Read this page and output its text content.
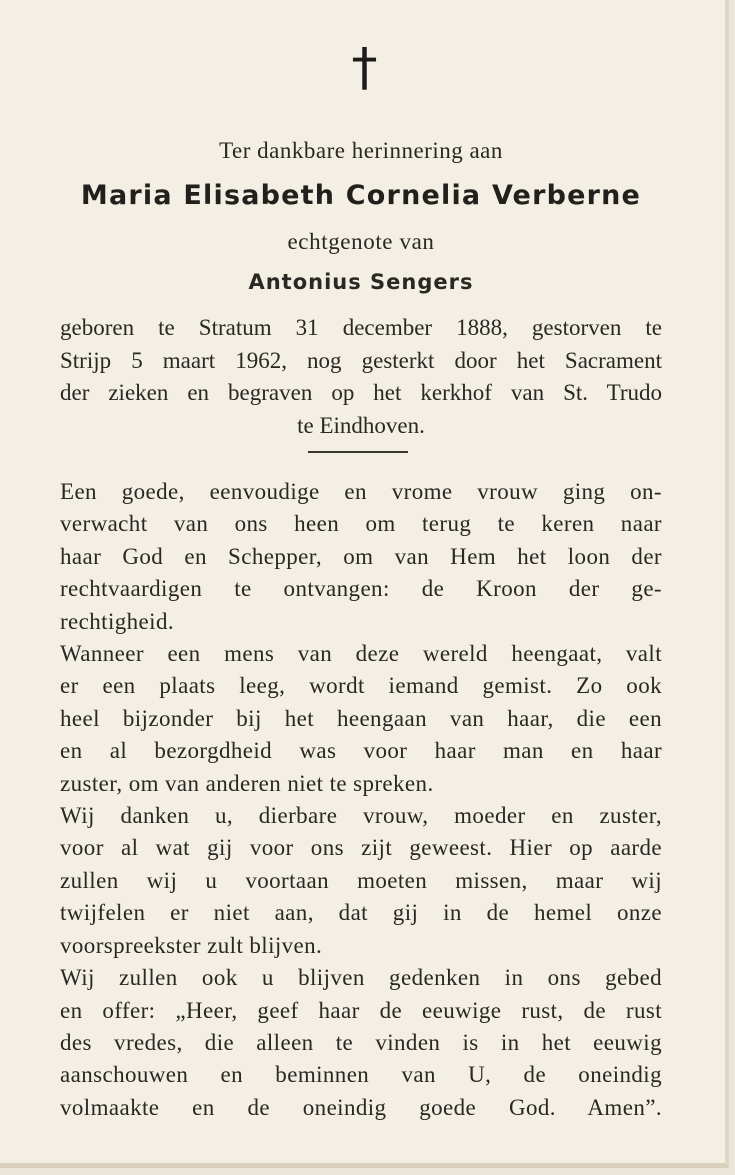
†
Ter dankbare herinnering aan
Maria Elisabeth Cornelia Verberne
echtgenote van
Antonius Sengers
geboren te Stratum 31 december 1888, gestorven te
Strijp 5 maart 1962, nog gesterkt door het Sacrament
der zieken en begraven op het kerkhof van St. Trudo
te Eindhoven.
Een goede, eenvoudige en vrome vrouw ging on-
verwacht van ons heen om terug te keren naar
haar God en Schepper, om van Hem het loon der
rechtvaardigen te ontvangen: de Kroon der ge-
rechtigheid.
Wanneer een mens van deze wereld heengaat, valt
er een plaats leeg, wordt iemand gemist. Zo ook
heel bijzonder bij het heengaan van haar, die een
en al bezorgdheid was voor haar man en haar
zuster, om van anderen niet te spreken.
Wij danken u, dierbare vrouw, moeder en zuster,
voor al wat gij voor ons zijt geweest. Hier op aarde
zullen wij u voortaan moeten missen, maar wij
twijfelen er niet aan, dat gij in de hemel onze
voorspreekster zult blijven.
Wij zullen ook u blijven gedenken in ons gebed
en offer: „Heer, geef haar de eeuwige rust, de rust
des vredes, die alleen te vinden is in het eeuwig
aanschouwen en beminnen van U, de oneindig
volmaakte en de oneindig goede God. Amen”.
